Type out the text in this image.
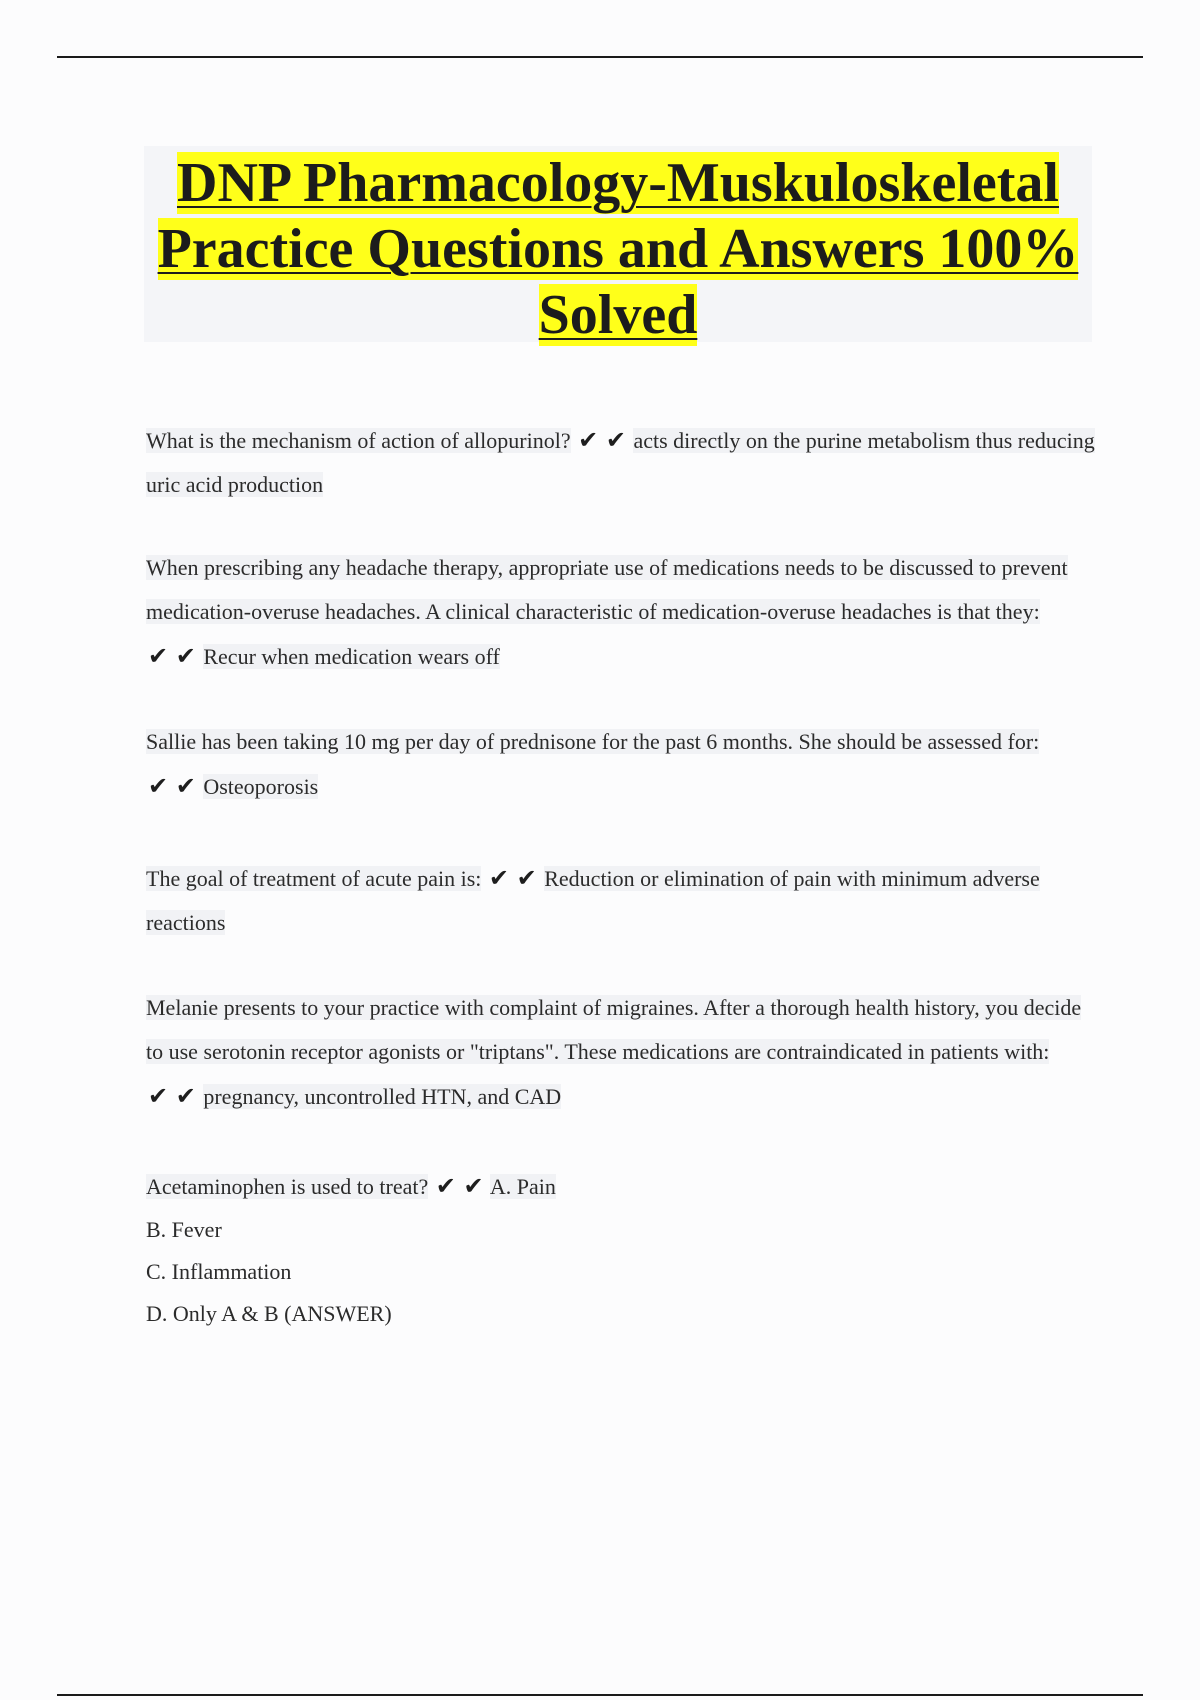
DNP Pharmacology-Muskuloskeletal
Practice Questions and Answers 100%
Solved

What is the mechanism of action of allopurinol? ✔ ✔ acts directly on the purine metabolism thus reducing uric acid production

When prescribing any headache therapy, appropriate use of medications needs to be discussed to prevent medication-overuse headaches. A clinical characteristic of medication-overuse headaches is that they: ✔ ✔ Recur when medication wears off

Sallie has been taking 10 mg per day of prednisone for the past 6 months. She should be assessed for: ✔ ✔ Osteoporosis

The goal of treatment of acute pain is: ✔ ✔ Reduction or elimination of pain with minimum adverse reactions

Melanie presents to your practice with complaint of migraines. After a thorough health history, you decide to use serotonin receptor agonists or "triptans". These medications are contraindicated in patients with: ✔ ✔ pregnancy, uncontrolled HTN, and CAD

Acetaminophen is used to treat? ✔ ✔ A. Pain

B. Fever

C. Inflammation

D. Only A & B (ANSWER)
